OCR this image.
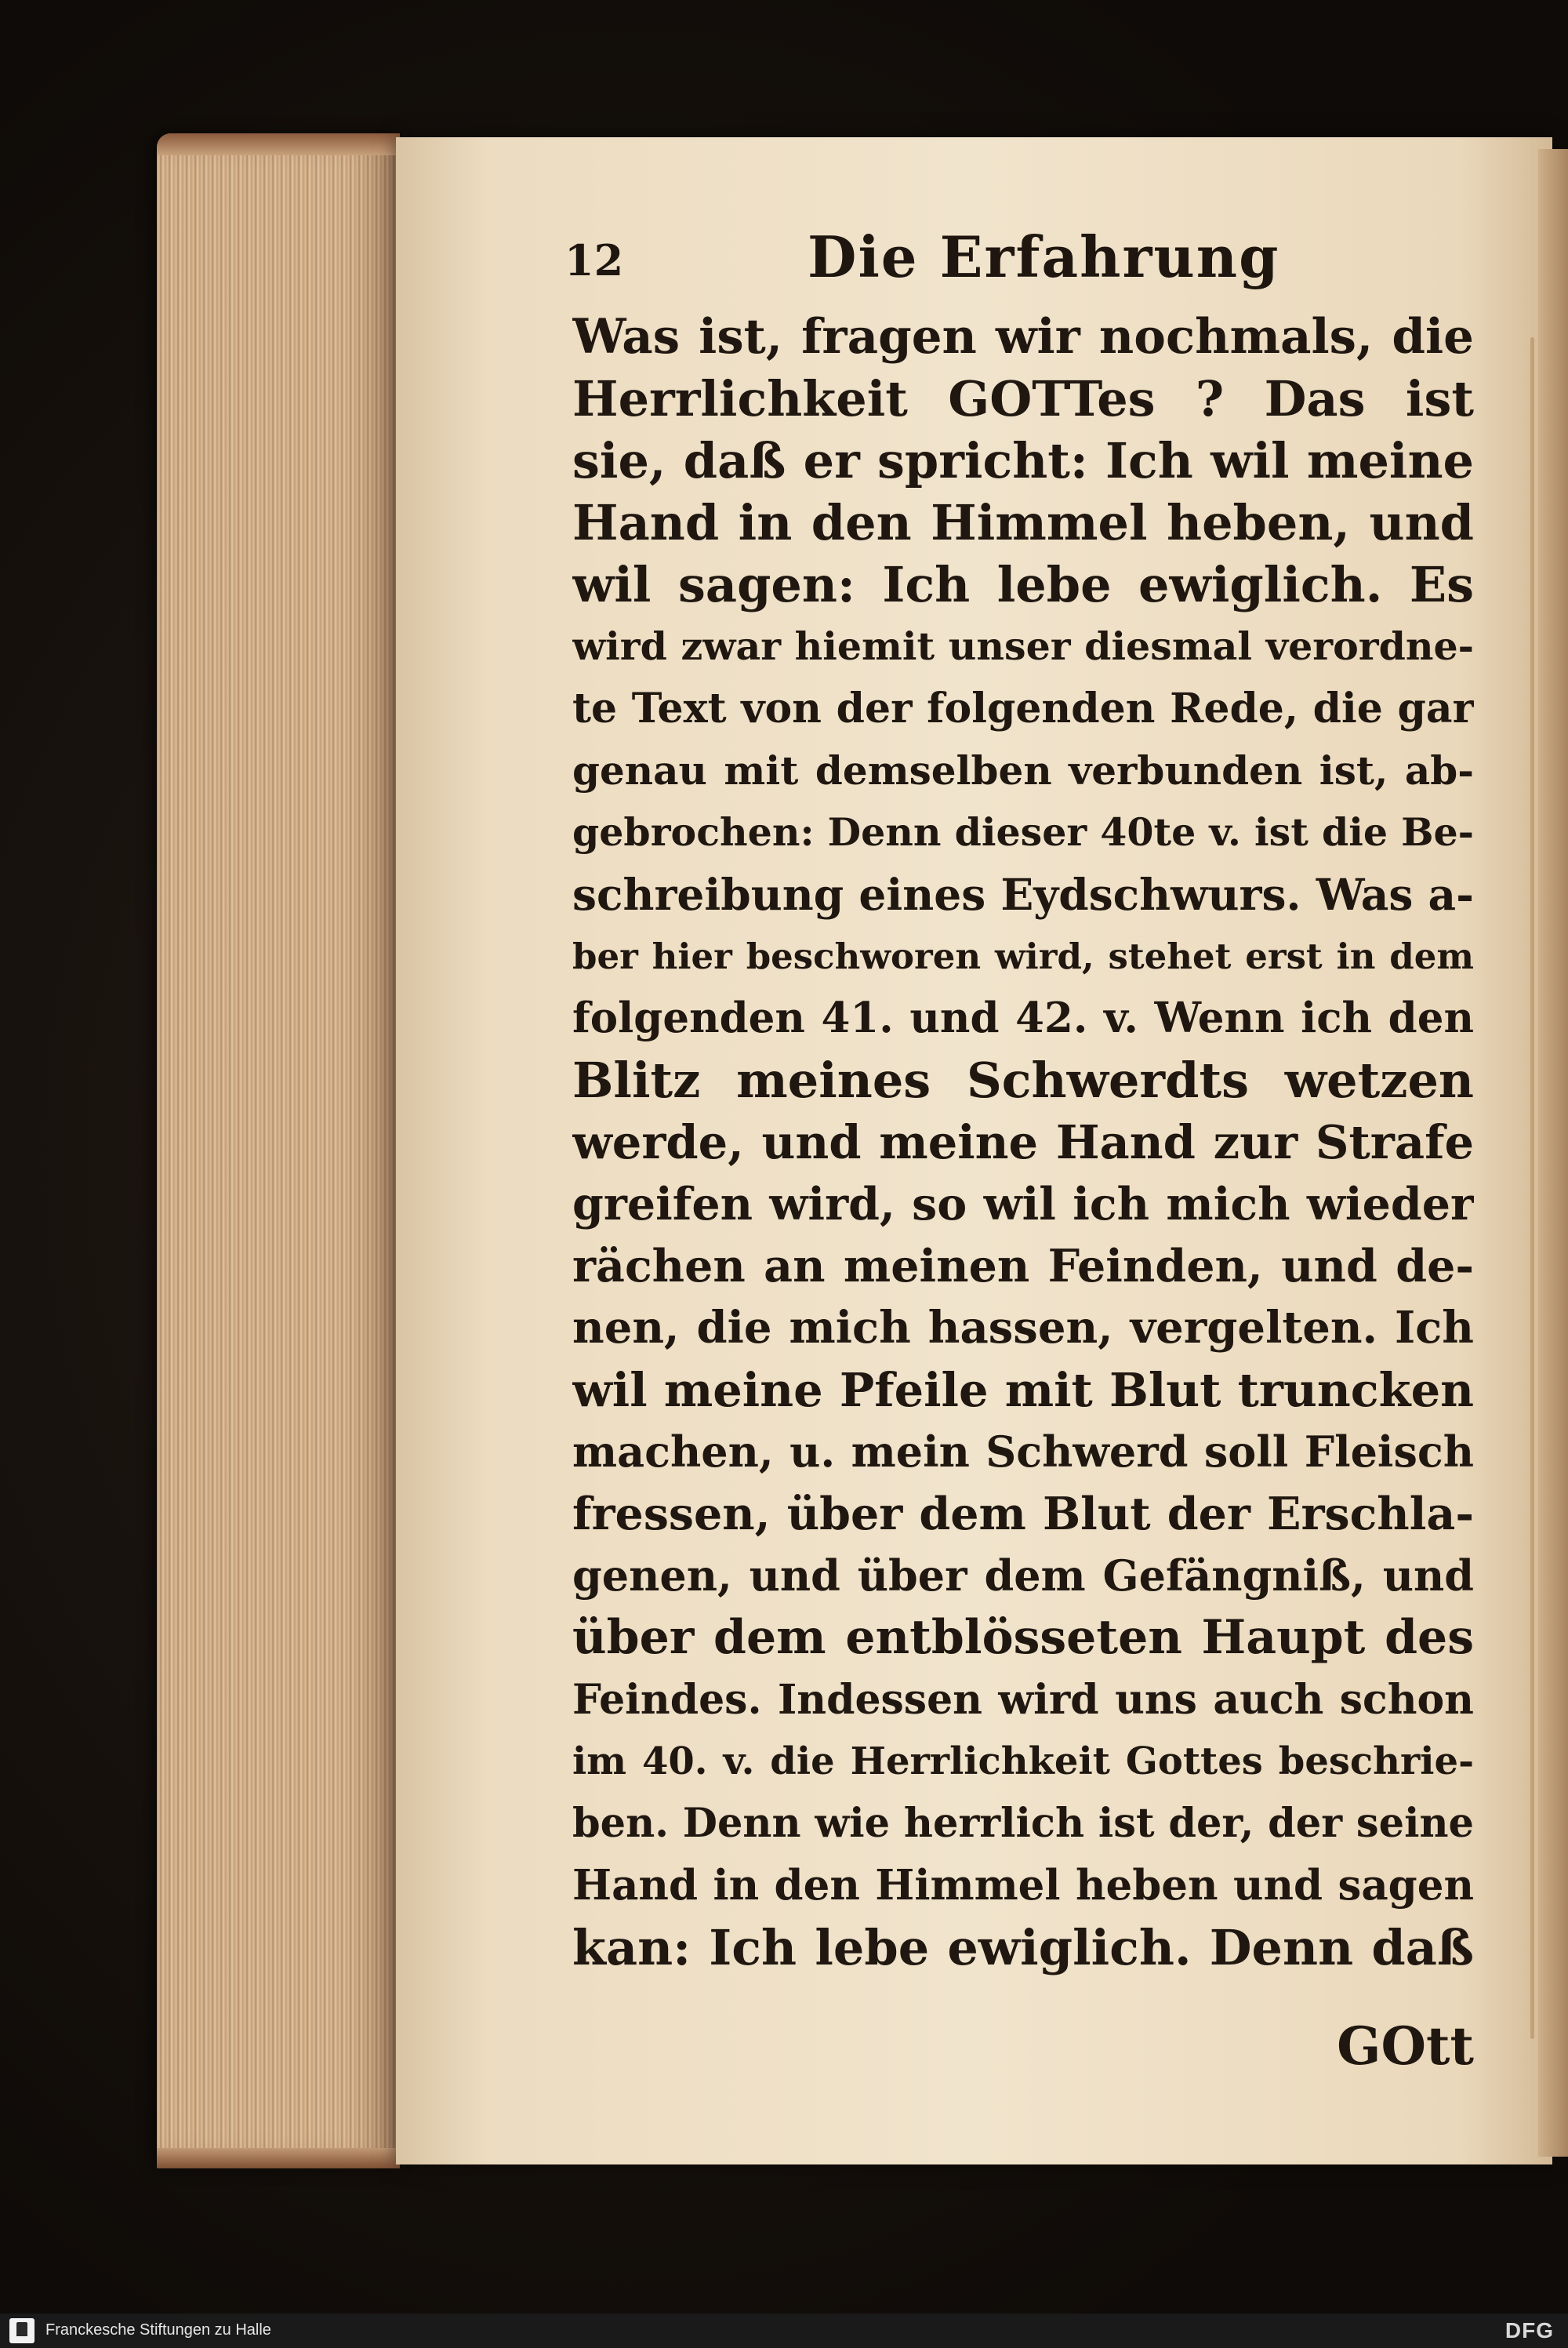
12	Die Erfahrung
Was ist, fragen wir nochmals, die
Herrlichkeit GOTTes ? Das ist
sie, daß er spricht: Ich wil meine
Hand in den Himmel heben, und
wil sagen: Ich lebe ewiglich. Es
wird zwar hiemit unser diesmal verordne-
te Text von der folgenden Rede, die gar
genau mit demselben verbunden ist, ab-
gebrochen: Denn dieser 40te v. ist die Be-
schreibung eines Eydschwurs. Was a-
ber hier beschworen wird, stehet erst in dem
folgenden 41. und 42. v. Wenn ich den
Blitz meines Schwerdts wetzen
werde, und meine Hand zur Strafe
greifen wird, so wil ich mich wieder
rächen an meinen Feinden, und de-
nen, die mich hassen, vergelten. Ich
wil meine Pfeile mit Blut truncken
machen, u. mein Schwerd soll Fleisch
fressen, über dem Blut der Erschla-
genen, und über dem Gefängniß, und
über dem entblösseten Haupt des
Feindes. Indessen wird uns auch schon
im 40. v. die Herrlichkeit Gottes beschrie-
ben. Denn wie herrlich ist der, der seine
Hand in den Himmel heben und sagen
kan: Ich lebe ewiglich. Denn daß
GOtt
Franckesche Stiftungen zu Halle	DFG
